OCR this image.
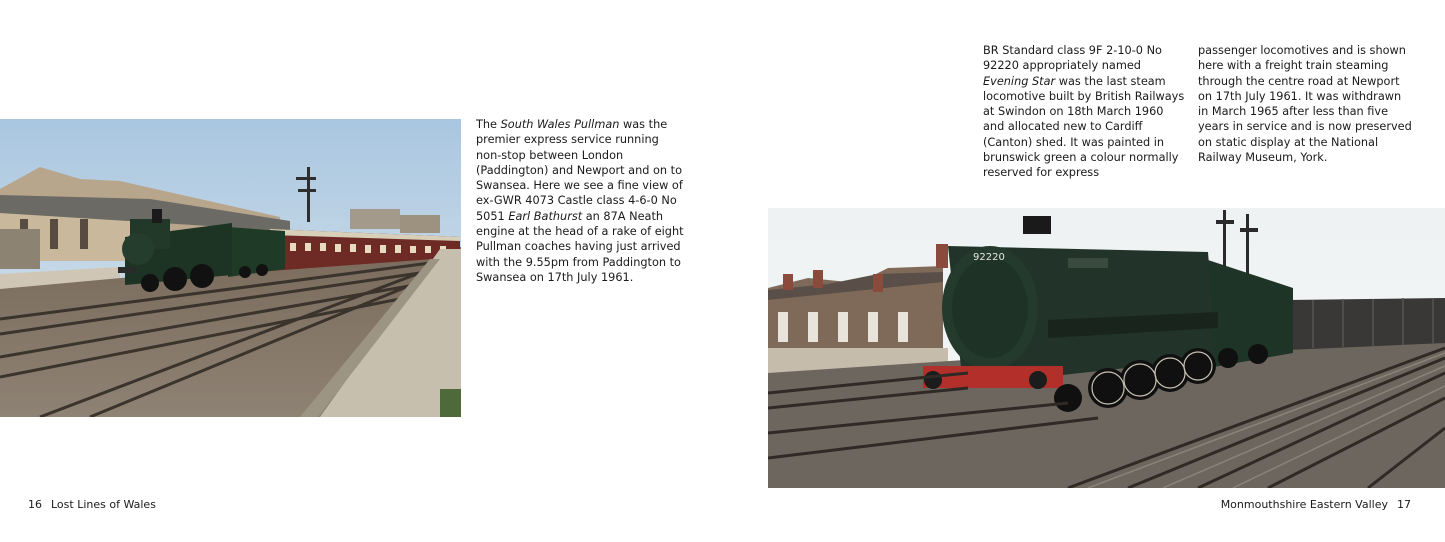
The South Wales Pullman was the premier express service running non-stop between London (Paddington) and Newport and on to Swansea. Here we see a fine view of ex-GWR 4073 Castle class 4-6-0 No 5051 Earl Bathurst an 87A Neath engine at the head of a rake of eight Pullman coaches having just arrived with the 9.55pm from Paddington to Swansea on 17th July 1961.

BR Standard class 9F 2-10-0 No 92220 appropriately named Evening Star was the last steam locomotive built by British Railways at Swindon on 18th March 1960 and allocated new to Cardiff (Canton) shed. It was painted in brunswick green a colour normally reserved for express

passenger locomotives and is shown here with a freight train steaming through the centre road at Newport on 17th July 1961. It was withdrawn in March 1965 after less than five years in service and is now preserved on static display at the National Railway Museum, York.

92220
16 Lost Lines of Wales	Monmouthshire Eastern Valley 17
